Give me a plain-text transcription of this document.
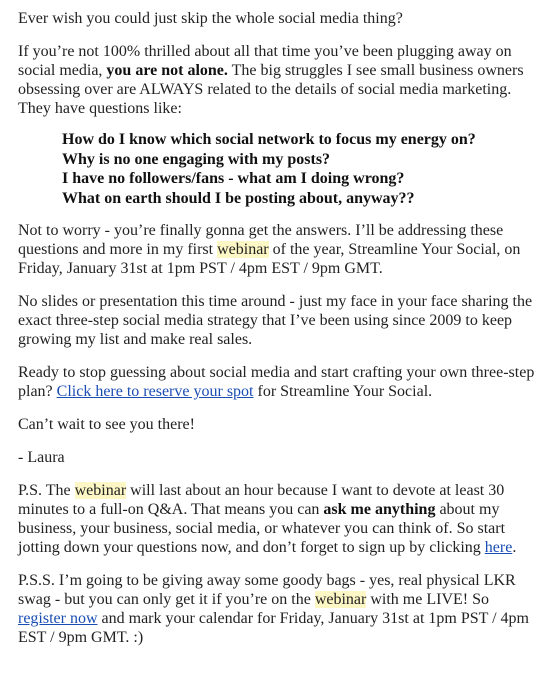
Ever wish you could just skip the whole social media thing?

If you’re not 100% thrilled about all that time you’ve been plugging away on social media, you are not alone. The big struggles I see small business owners obsessing over are ALWAYS related to the details of social media marketing. They have questions like:

How do I know which social network to focus my energy on?
Why is no one engaging with my posts?
I have no followers/fans - what am I doing wrong?
What on earth should I be posting about, anyway??

Not to worry - you’re finally gonna get the answers. I’ll be addressing these questions and more in my first webinar of the year, Streamline Your Social, on Friday, January 31st at 1pm PST / 4pm EST / 9pm GMT.

No slides or presentation this time around - just my face in your face sharing the exact three-step social media strategy that I’ve been using since 2009 to keep growing my list and make real sales.

Ready to stop guessing about social media and start crafting your own three-step plan? Click here to reserve your spot for Streamline Your Social.

Can’t wait to see you there!

- Laura

P.S. The webinar will last about an hour because I want to devote at least 30 minutes to a full-on Q&A. That means you can ask me anything about my business, your business, social media, or whatever you can think of. So start jotting down your questions now, and don’t forget to sign up by clicking here.

P.S.S. I’m going to be giving away some goody bags - yes, real physical LKR swag - but you can only get it if you’re on the webinar with me LIVE! So register now and mark your calendar for Friday, January 31st at 1pm PST / 4pm EST / 9pm GMT. :)
